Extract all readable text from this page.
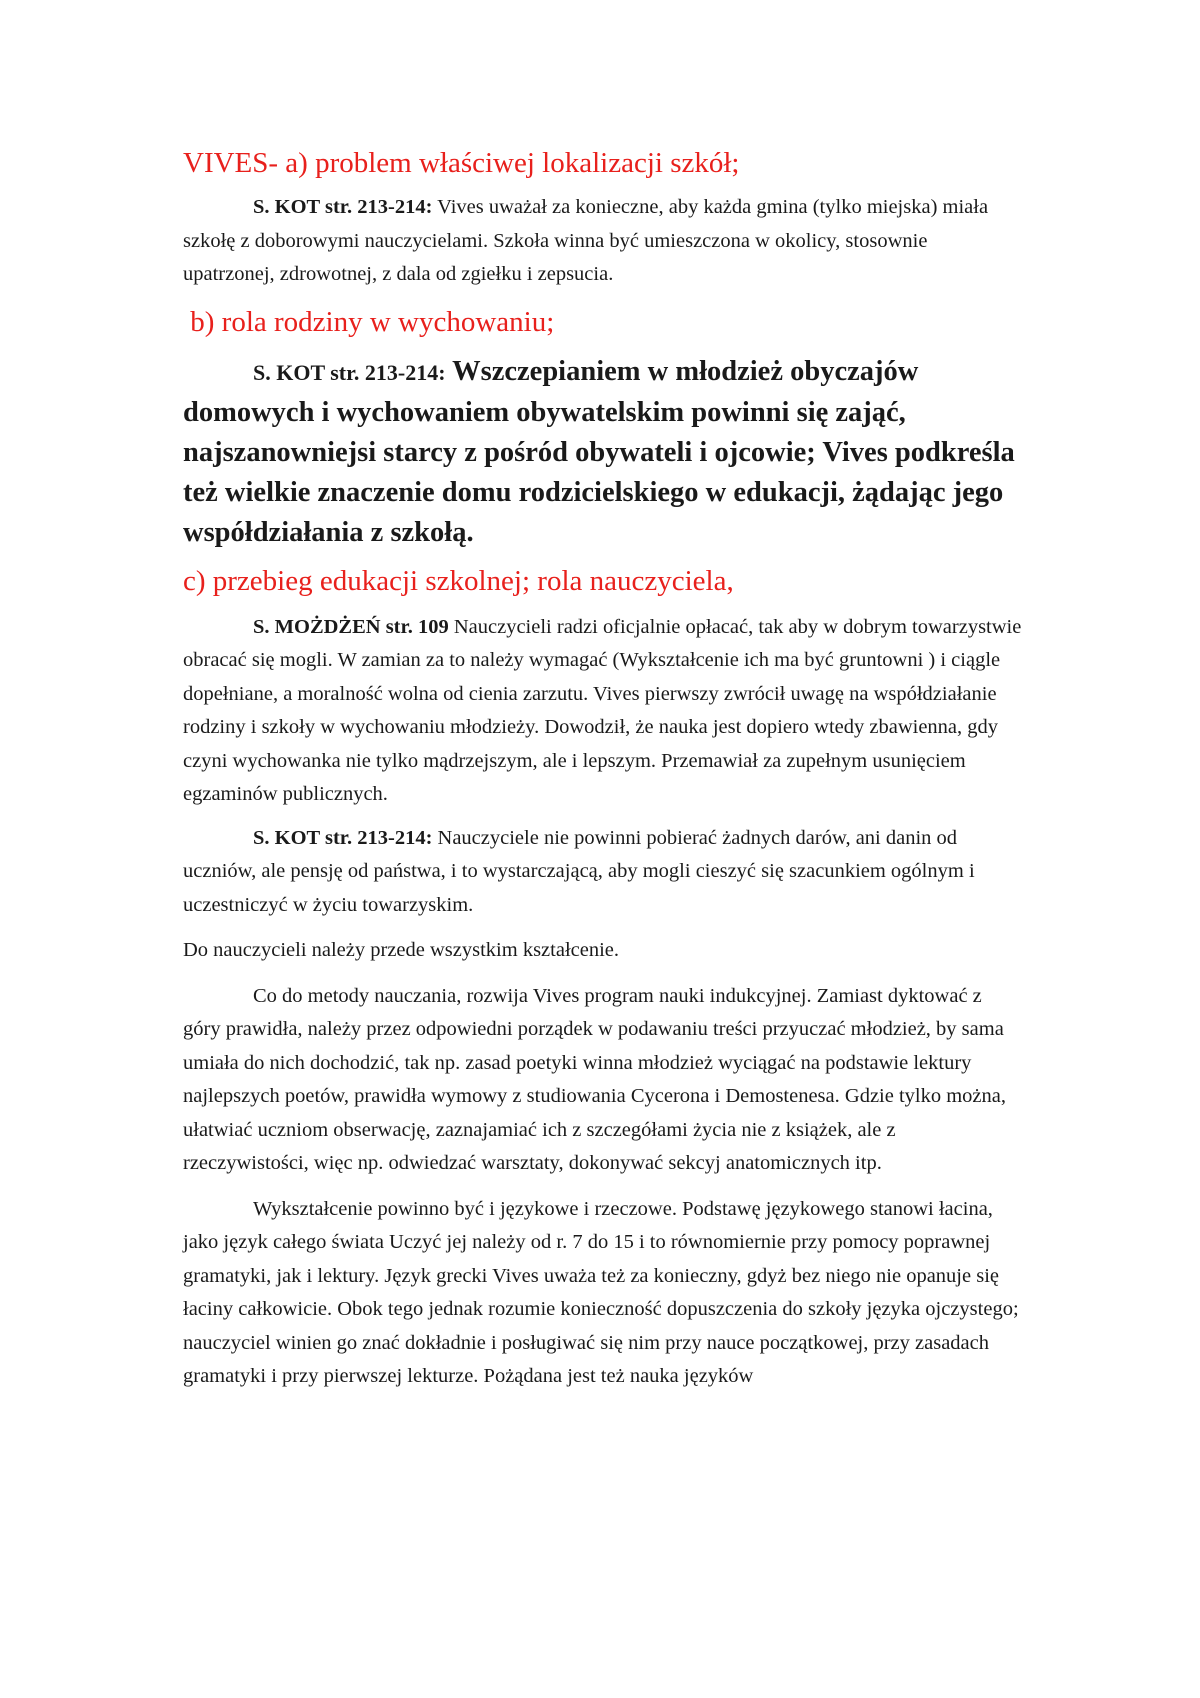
VIVES- a) problem właściwej lokalizacji szkół;

S. KOT str. 213-214: Vives uważał za konieczne, aby każda gmina (tylko miejska) miała szkołę z doborowymi nauczycielami. Szkoła winna być umieszczona w okolicy, stosownie upatrzonej, zdrowotnej, z dala od zgiełku i zepsucia.

b) rola rodziny w wychowaniu;

S. KOT str. 213-214: Wszczepianiem w młodzież obyczajów domowych i wychowaniem obywatelskim powinni się zająć, najszanowniejsi starcy z pośród obywateli i ojcowie; Vives podkreśla też wielkie znaczenie domu rodzicielskiego w edukacji, żądając jego współdziałania z szkołą.

c) przebieg edukacji szkolnej; rola nauczyciela,

S. MOŻDŻEŃ str. 109 Nauczycieli radzi oficjalnie opłacać, tak aby w dobrym towarzystwie obracać się mogli. W zamian za to należy wymagać (Wykształcenie ich ma być gruntowni ) i ciągle dopełniane, a moralność wolna od cienia zarzutu. Vives pierwszy zwrócił uwagę na współdziałanie rodziny i szkoły w wychowaniu młodzieży. Dowodził, że nauka jest dopiero wtedy zbawienna, gdy czyni wychowanka nie tylko mądrzejszym, ale i lepszym. Przemawiał za zupełnym usunięciem egzaminów publicznych.

S. KOT str. 213-214: Nauczyciele nie powinni pobierać żadnych darów, ani danin od uczniów, ale pensję od państwa, i to wystarczającą, aby mogli cieszyć się szacunkiem ogólnym i uczestniczyć w życiu towarzyskim.

Do nauczycieli należy przede wszystkim kształcenie.

Co do metody nauczania, rozwija Vives program nauki indukcyjnej. Zamiast dyktować z góry prawidła, należy przez odpowiedni porządek w podawaniu treści przyuczać młodzież, by sama umiała do nich dochodzić, tak np. zasad poetyki winna młodzież wyciągać na podstawie lektury najlepszych poetów, prawidła wymowy z studiowania Cycerona i Demostenesa. Gdzie tylko można, ułatwiać uczniom obserwację, zaznajamiać ich z szczegółami życia nie z książek, ale z rzeczywistości, więc np. odwiedzać warsztaty, dokonywać sekcyj anatomicznych itp.

Wykształcenie powinno być i językowe i rzeczowe. Podstawę językowego stanowi łacina, jako język całego świata Uczyć jej należy od r. 7 do 15 i to równomiernie przy pomocy poprawnej gramatyki, jak i lektury. Język grecki Vives uważa też za konieczny, gdyż bez niego nie opanuje się łaciny całkowicie. Obok tego jednak rozumie konieczność dopuszczenia do szkoły języka ojczystego; nauczyciel winien go znać dokładnie i posługiwać się nim przy nauce początkowej, przy zasadach gramatyki i przy pierwszej lekturze. Pożądana jest też nauka języków
